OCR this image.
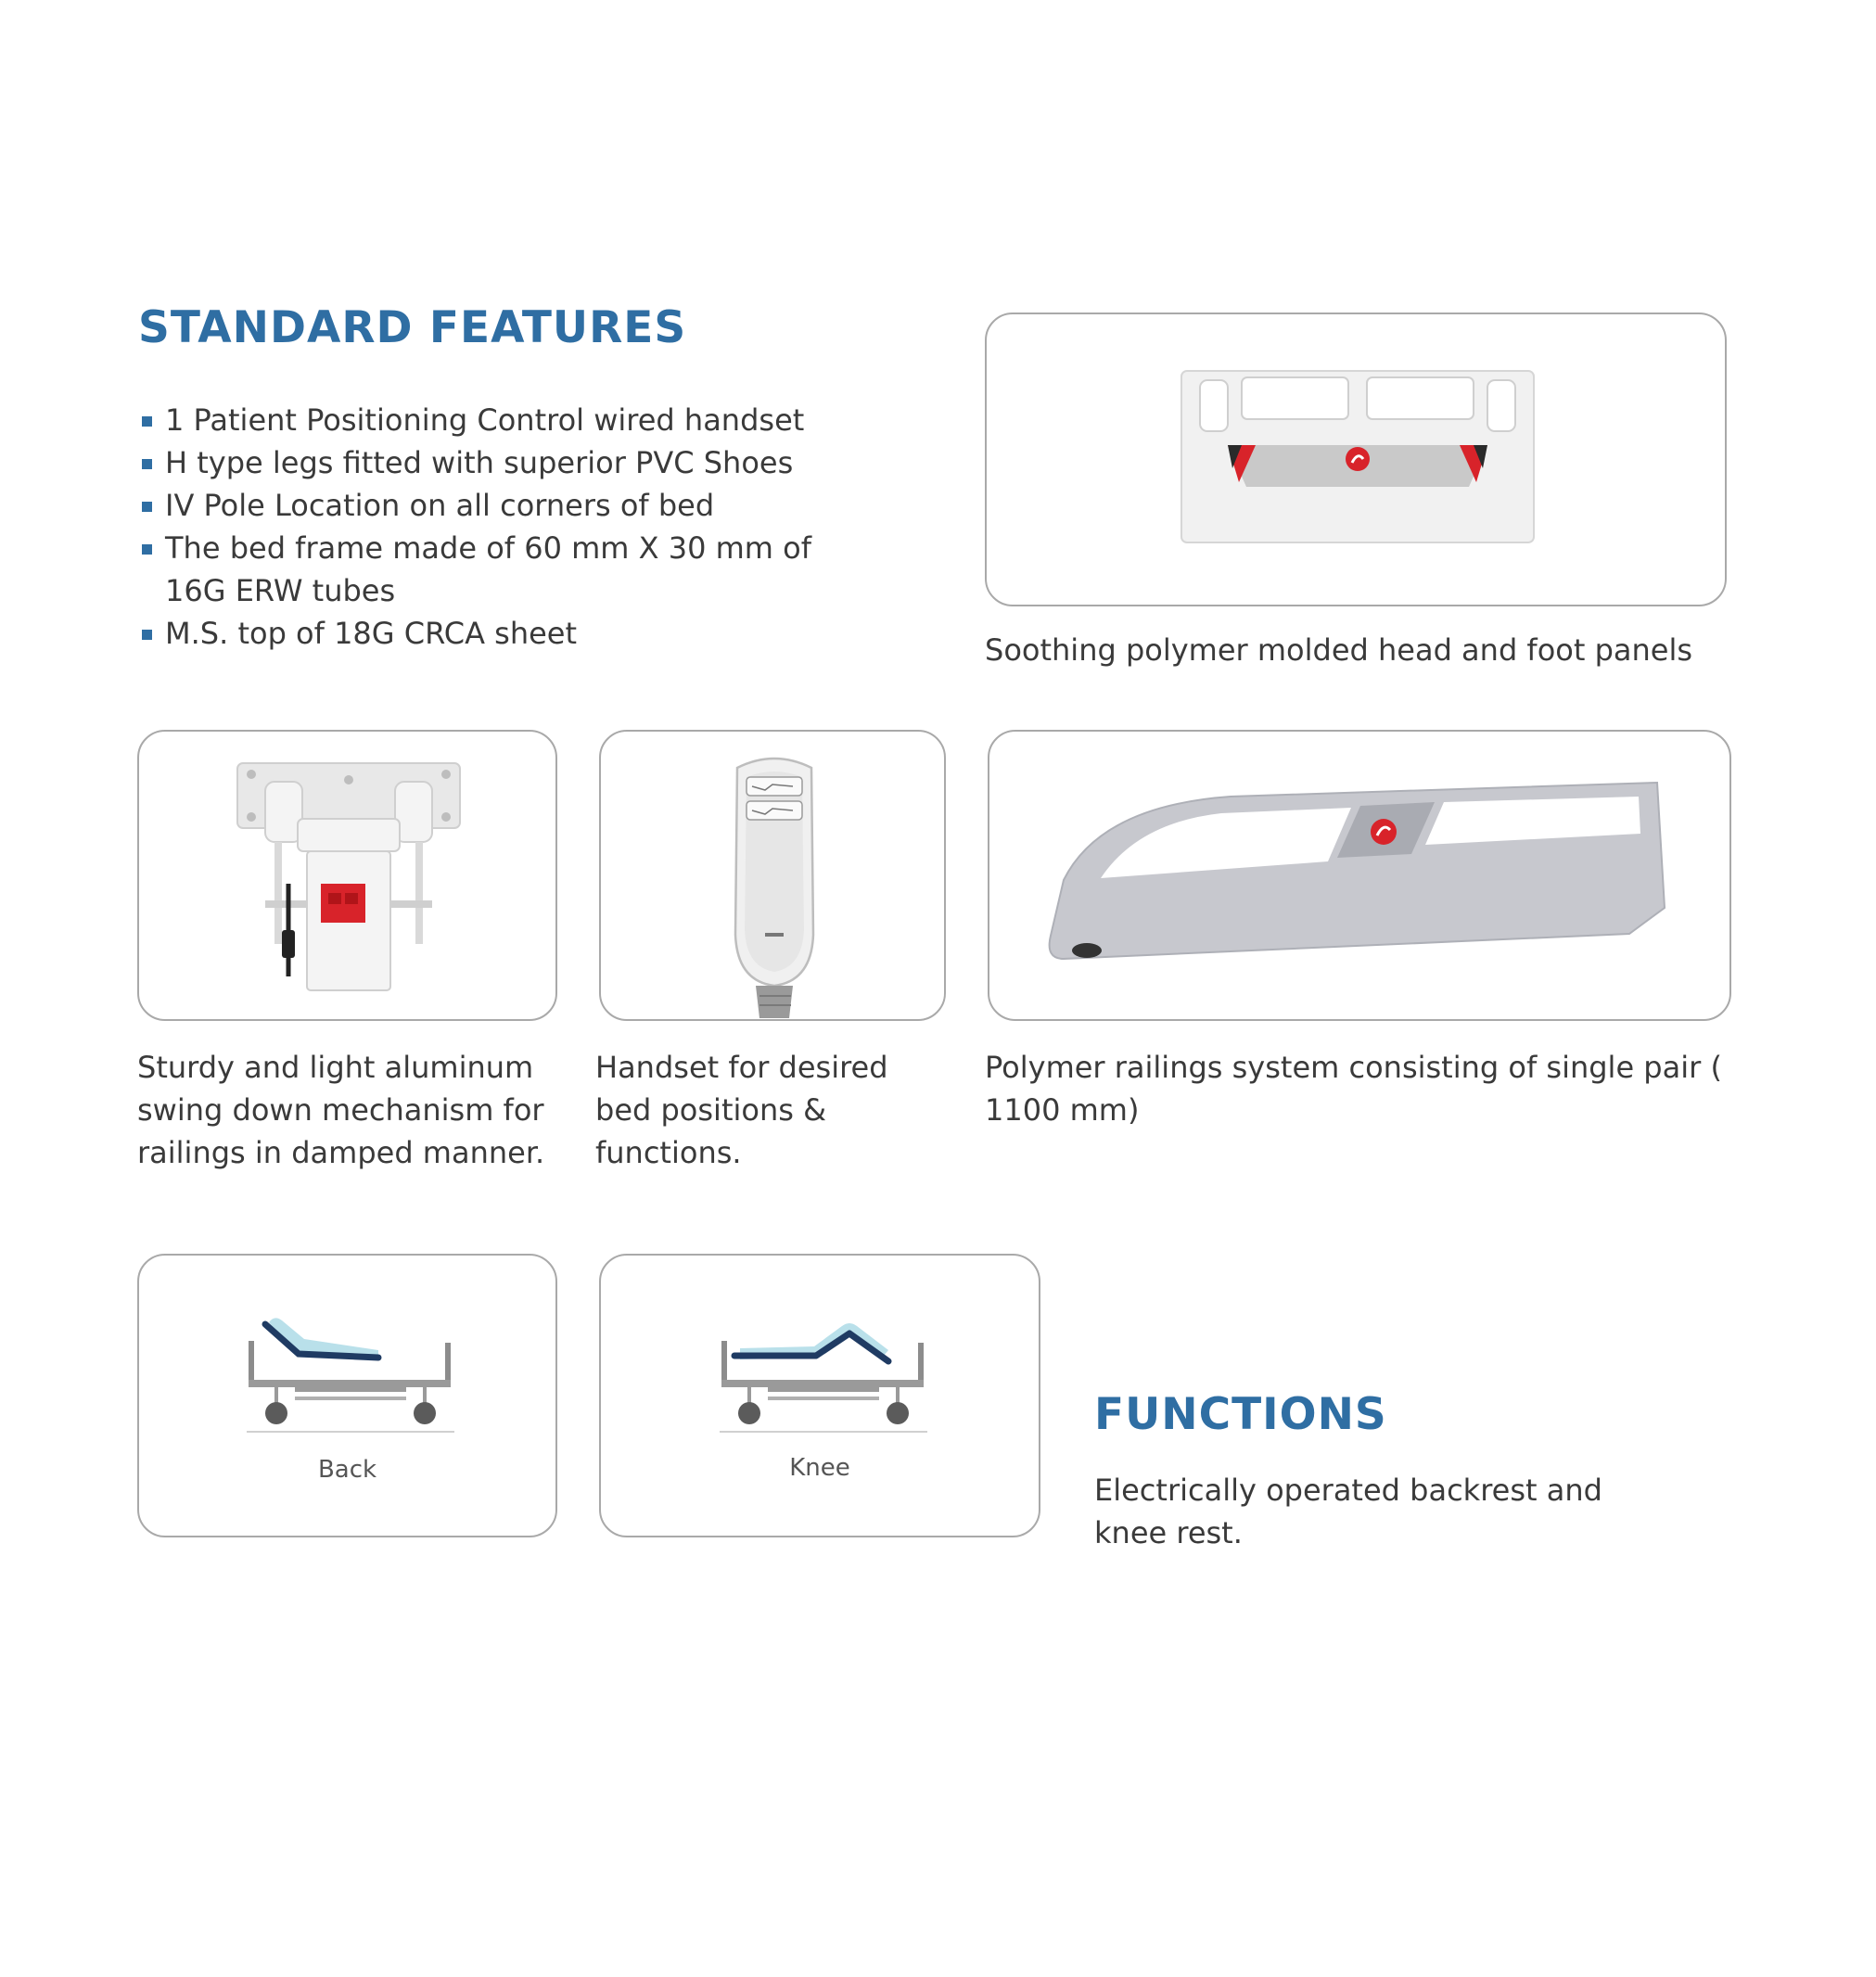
STANDARD FEATURES
1 Patient Positioning Control wired handset
H type legs fitted with superior PVC Shoes
IV Pole Location on all corners of bed
The bed frame made of 60 mm X 30 mm of 16G ERW tubes
M.S. top of 18G CRCA sheet	Soothing polymer molded head and foot panels

Sturdy and light aluminum swing down mechanism for railings in damped manner.

Handset for desired bed positions & functions.

Polymer railings system consisting of single pair ( 1100 mm)

Back	Knee
FUNCTIONS

Electrically operated backrest and knee rest.
